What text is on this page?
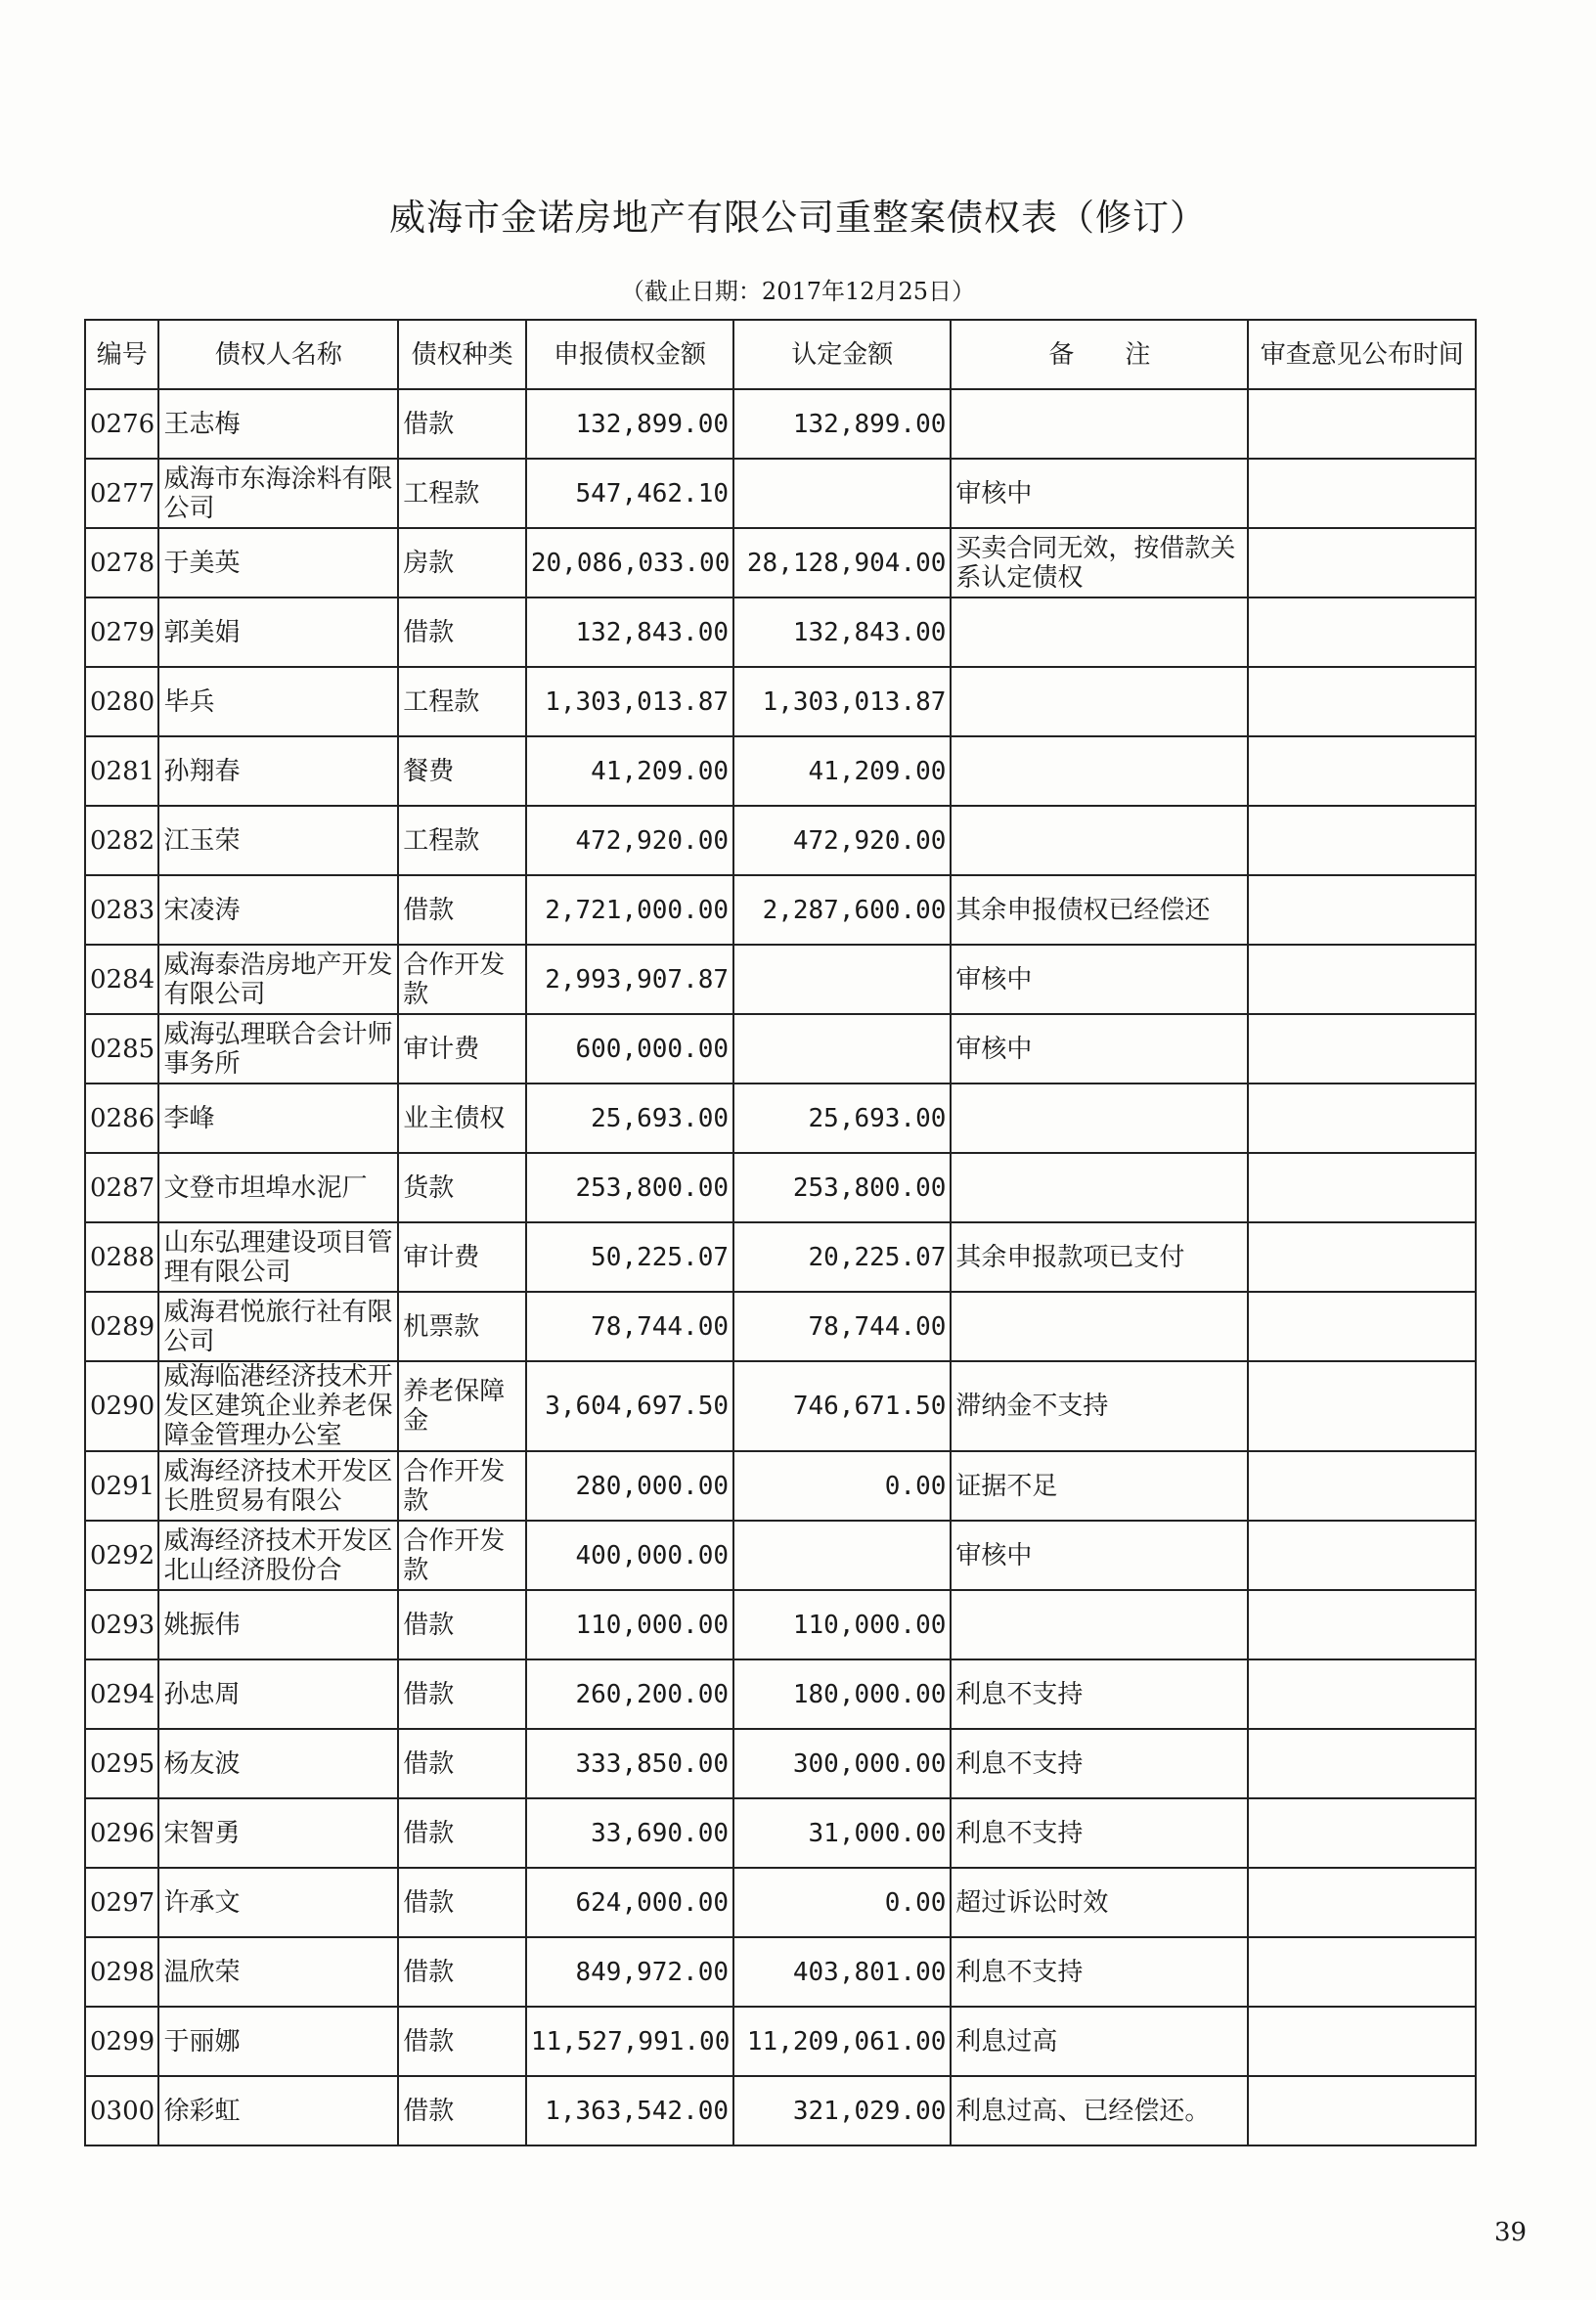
威海市金诺房地产有限公司重整案债权表（修订）
（截止日期：2017年12月25日）
编号	债权人名称	债权种类	申报债权金额	认定金额	备　　注	审查意见公布时间
0276	王志梅	借款	132,899.00	132,899.00		
0277	威海市东海涂料有限公司	工程款	547,462.10		审核中	
0278	于美英	房款	20,086,033.00	28,128,904.00	买卖合同无效，按借款关系认定债权	
0279	郭美娟	借款	132,843.00	132,843.00		
0280	毕兵	工程款	1,303,013.87	1,303,013.87		
0281	孙翔春	餐费	41,209.00	41,209.00		
0282	江玉荣	工程款	472,920.00	472,920.00		
0283	宋凌涛	借款	2,721,000.00	2,287,600.00	其余申报债权已经偿还	
0284	威海泰浩房地产开发有限公司	合作开发款	2,993,907.87		审核中	
0285	威海弘理联合会计师事务所	审计费	600,000.00		审核中	
0286	李峰	业主债权	25,693.00	25,693.00		
0287	文登市坦埠水泥厂	货款	253,800.00	253,800.00		
0288	山东弘理建设项目管理有限公司	审计费	50,225.07	20,225.07	其余申报款项已支付	
0289	威海君悦旅行社有限公司	机票款	78,744.00	78,744.00		
0290	威海临港经济技术开发区建筑企业养老保障金管理办公室	养老保障金	3,604,697.50	746,671.50	滞纳金不支持	
0291	威海经济技术开发区长胜贸易有限公	合作开发款	280,000.00	0.00	证据不足	
0292	威海经济技术开发区北山经济股份合	合作开发款	400,000.00		审核中	
0293	姚振伟	借款	110,000.00	110,000.00		
0294	孙忠周	借款	260,200.00	180,000.00	利息不支持	
0295	杨友波	借款	333,850.00	300,000.00	利息不支持	
0296	宋智勇	借款	33,690.00	31,000.00	利息不支持	
0297	许承文	借款	624,000.00	0.00	超过诉讼时效	
0298	温欣荣	借款	849,972.00	403,801.00	利息不支持	
0299	于丽娜	借款	11,527,991.00	11,209,061.00	利息过高	
0300	徐彩虹	借款	1,363,542.00	321,029.00	利息过高、已经偿还。	
39
